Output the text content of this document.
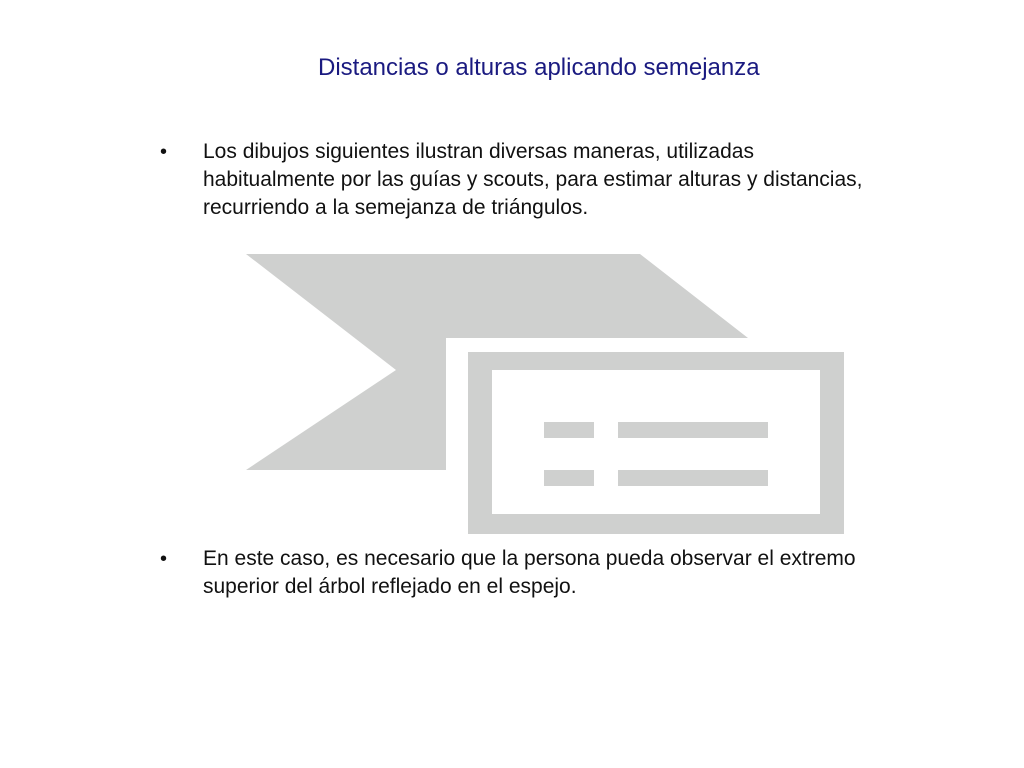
Distancias o alturas aplicando semejanza
•	Los dibujos siguientes ilustran diversas maneras, utilizadas habitualmente por las guías y scouts, para estimar alturas y distancias, recurriendo a la semejanza de triángulos.
•	En este caso, es necesario que la persona pueda observar el extremo superior del árbol reflejado en el espejo.
